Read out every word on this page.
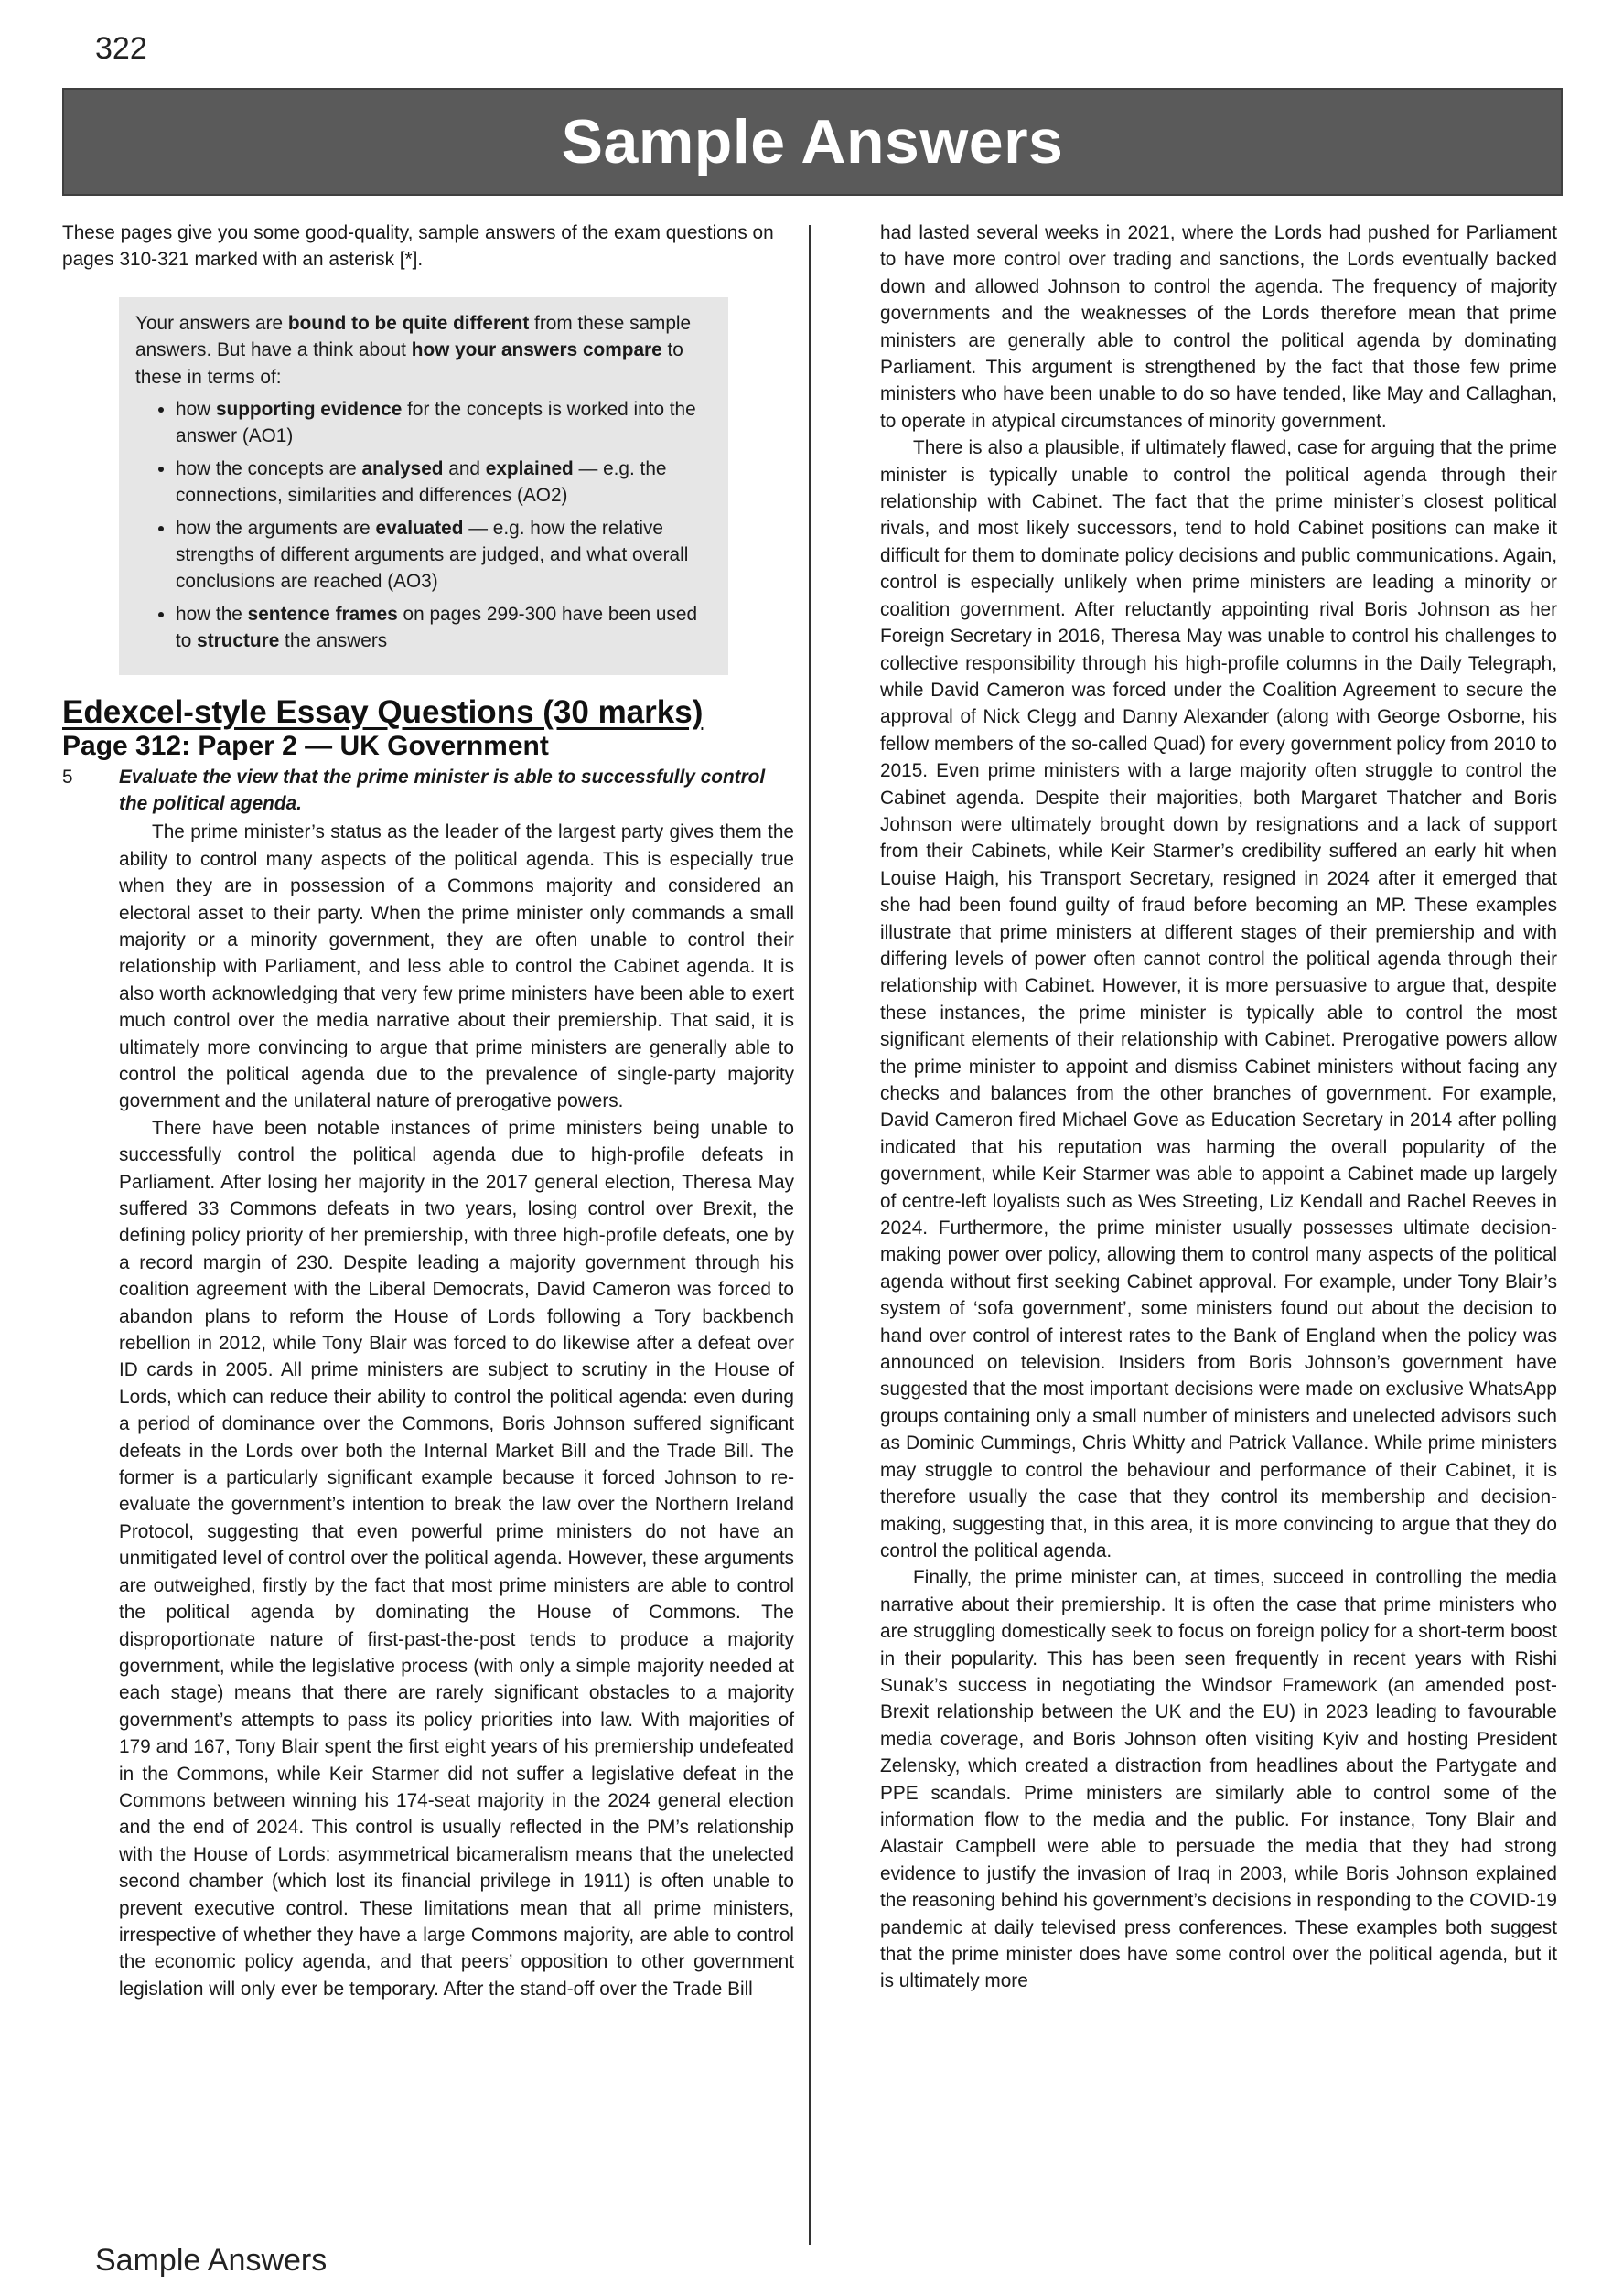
322
Sample Answers

These pages give you some good-quality, sample answers of the exam questions on pages 310-321 marked with an asterisk [*].

Your answers are bound to be quite different from these sample answers. But have a think about how your answers compare to these in terms of:

• how supporting evidence for the concepts is worked into the answer (AO1)
• how the concepts are analysed and explained — e.g. the connections, similarities and differences (AO2)
• how the arguments are evaluated — e.g. how the relative strengths of different arguments are judged, and what overall conclusions are reached (AO3)
• how the sentence frames on pages 299-300 have been used to structure the answers
Edexcel-style Essay Questions (30 marks)
Page 312: Paper 2 — UK Government
5 Evaluate the view that the prime minister is able to successfully control the political agenda.

The prime minister’s status as the leader of the largest party gives them the ability to control many aspects of the political agenda. This is especially true when they are in possession of a Commons majority and considered an electoral asset to their party. When the prime minister only commands a small majority or a minority government, they are often unable to control their relationship with Parliament, and less able to control the Cabinet agenda. It is also worth acknowledging that very few prime ministers have been able to exert much control over the media narrative about their premiership. That said, it is ultimately more convincing to argue that prime ministers are generally able to control the political agenda due to the prevalence of single-party majority government and the unilateral nature of prerogative powers.

There have been notable instances of prime ministers being unable to successfully control the political agenda due to high-profile defeats in Parliament. After losing her majority in the 2017 general election, Theresa May suffered 33 Commons defeats in two years, losing control over Brexit, the defining policy priority of her premiership, with three high-profile defeats, one by a record margin of 230. Despite leading a majority government through his coalition agreement with the Liberal Democrats, David Cameron was forced to abandon plans to reform the House of Lords following a Tory backbench rebellion in 2012, while Tony Blair was forced to do likewise after a defeat over ID cards in 2005. All prime ministers are subject to scrutiny in the House of Lords, which can reduce their ability to control the political agenda: even during a period of dominance over the Commons, Boris Johnson suffered significant defeats in the Lords over both the Internal Market Bill and the Trade Bill. The former is a particularly significant example because it forced Johnson to re-evaluate the government’s intention to break the law over the Northern Ireland Protocol, suggesting that even powerful prime ministers do not have an unmitigated level of control over the political agenda. However, these arguments are outweighed, firstly by the fact that most prime ministers are able to control the political agenda by dominating the House of Commons. The disproportionate nature of first-past-the-post tends to produce a majority government, while the legislative process (with only a simple majority needed at each stage) means that there are rarely significant obstacles to a majority government’s attempts to pass its policy priorities into law. With majorities of 179 and 167, Tony Blair spent the first eight years of his premiership undefeated in the Commons, while Keir Starmer did not suffer a legislative defeat in the Commons between winning his 174-seat majority in the 2024 general election and the end of 2024. This control is usually reflected in the PM’s relationship with the House of Lords: asymmetrical bicameralism means that the unelected second chamber (which lost its financial privilege in 1911) is often unable to prevent executive control. These limitations mean that all prime ministers, irrespective of whether they have a large Commons majority, are able to control the economic policy agenda, and that peers’ opposition to other government legislation will only ever be temporary. After the stand-off over the Trade Bill

had lasted several weeks in 2021, where the Lords had pushed for Parliament to have more control over trading and sanctions, the Lords eventually backed down and allowed Johnson to control the agenda. The frequency of majority governments and the weaknesses of the Lords therefore mean that prime ministers are generally able to control the political agenda by dominating Parliament. This argument is strengthened by the fact that those few prime ministers who have been unable to do so have tended, like May and Callaghan, to operate in atypical circumstances of minority government.

There is also a plausible, if ultimately flawed, case for arguing that the prime minister is typically unable to control the political agenda through their relationship with Cabinet. The fact that the prime minister’s closest political rivals, and most likely successors, tend to hold Cabinet positions can make it difficult for them to dominate policy decisions and public communications. Again, control is especially unlikely when prime ministers are leading a minority or coalition government. After reluctantly appointing rival Boris Johnson as her Foreign Secretary in 2016, Theresa May was unable to control his challenges to collective responsibility through his high-profile columns in the Daily Telegraph, while David Cameron was forced under the Coalition Agreement to secure the approval of Nick Clegg and Danny Alexander (along with George Osborne, his fellow members of the so-called Quad) for every government policy from 2010 to 2015. Even prime ministers with a large majority often struggle to control the Cabinet agenda. Despite their majorities, both Margaret Thatcher and Boris Johnson were ultimately brought down by resignations and a lack of support from their Cabinets, while Keir Starmer’s credibility suffered an early hit when Louise Haigh, his Transport Secretary, resigned in 2024 after it emerged that she had been found guilty of fraud before becoming an MP. These examples illustrate that prime ministers at different stages of their premiership and with differing levels of power often cannot control the political agenda through their relationship with Cabinet. However, it is more persuasive to argue that, despite these instances, the prime minister is typically able to control the most significant elements of their relationship with Cabinet. Prerogative powers allow the prime minister to appoint and dismiss Cabinet ministers without facing any checks and balances from the other branches of government. For example, David Cameron fired Michael Gove as Education Secretary in 2014 after polling indicated that his reputation was harming the overall popularity of the government, while Keir Starmer was able to appoint a Cabinet made up largely of centre-left loyalists such as Wes Streeting, Liz Kendall and Rachel Reeves in 2024. Furthermore, the prime minister usually possesses ultimate decision-making power over policy, allowing them to control many aspects of the political agenda without first seeking Cabinet approval. For example, under Tony Blair’s system of ‘sofa government’, some ministers found out about the decision to hand over control of interest rates to the Bank of England when the policy was announced on television. Insiders from Boris Johnson’s government have suggested that the most important decisions were made on exclusive WhatsApp groups containing only a small number of ministers and unelected advisors such as Dominic Cummings, Chris Whitty and Patrick Vallance. While prime ministers may struggle to control the behaviour and performance of their Cabinet, it is therefore usually the case that they control its membership and decision-making, suggesting that, in this area, it is more convincing to argue that they do control the political agenda.

Finally, the prime minister can, at times, succeed in controlling the media narrative about their premiership. It is often the case that prime ministers who are struggling domestically seek to focus on foreign policy for a short-term boost in their popularity. This has been seen frequently in recent years with Rishi Sunak’s success in negotiating the Windsor Framework (an amended post-Brexit relationship between the UK and the EU) in 2023 leading to favourable media coverage, and Boris Johnson often visiting Kyiv and hosting President Zelensky, which created a distraction from headlines about the Partygate and PPE scandals. Prime ministers are similarly able to control some of the information flow to the media and the public. For instance, Tony Blair and Alastair Campbell were able to persuade the media that they had strong evidence to justify the invasion of Iraq in 2003, while Boris Johnson explained the reasoning behind his government’s decisions in responding to the COVID-19 pandemic at daily televised press conferences. These examples both suggest that the prime minister does have some control over the political agenda, but it is ultimately more

Sample Answers
